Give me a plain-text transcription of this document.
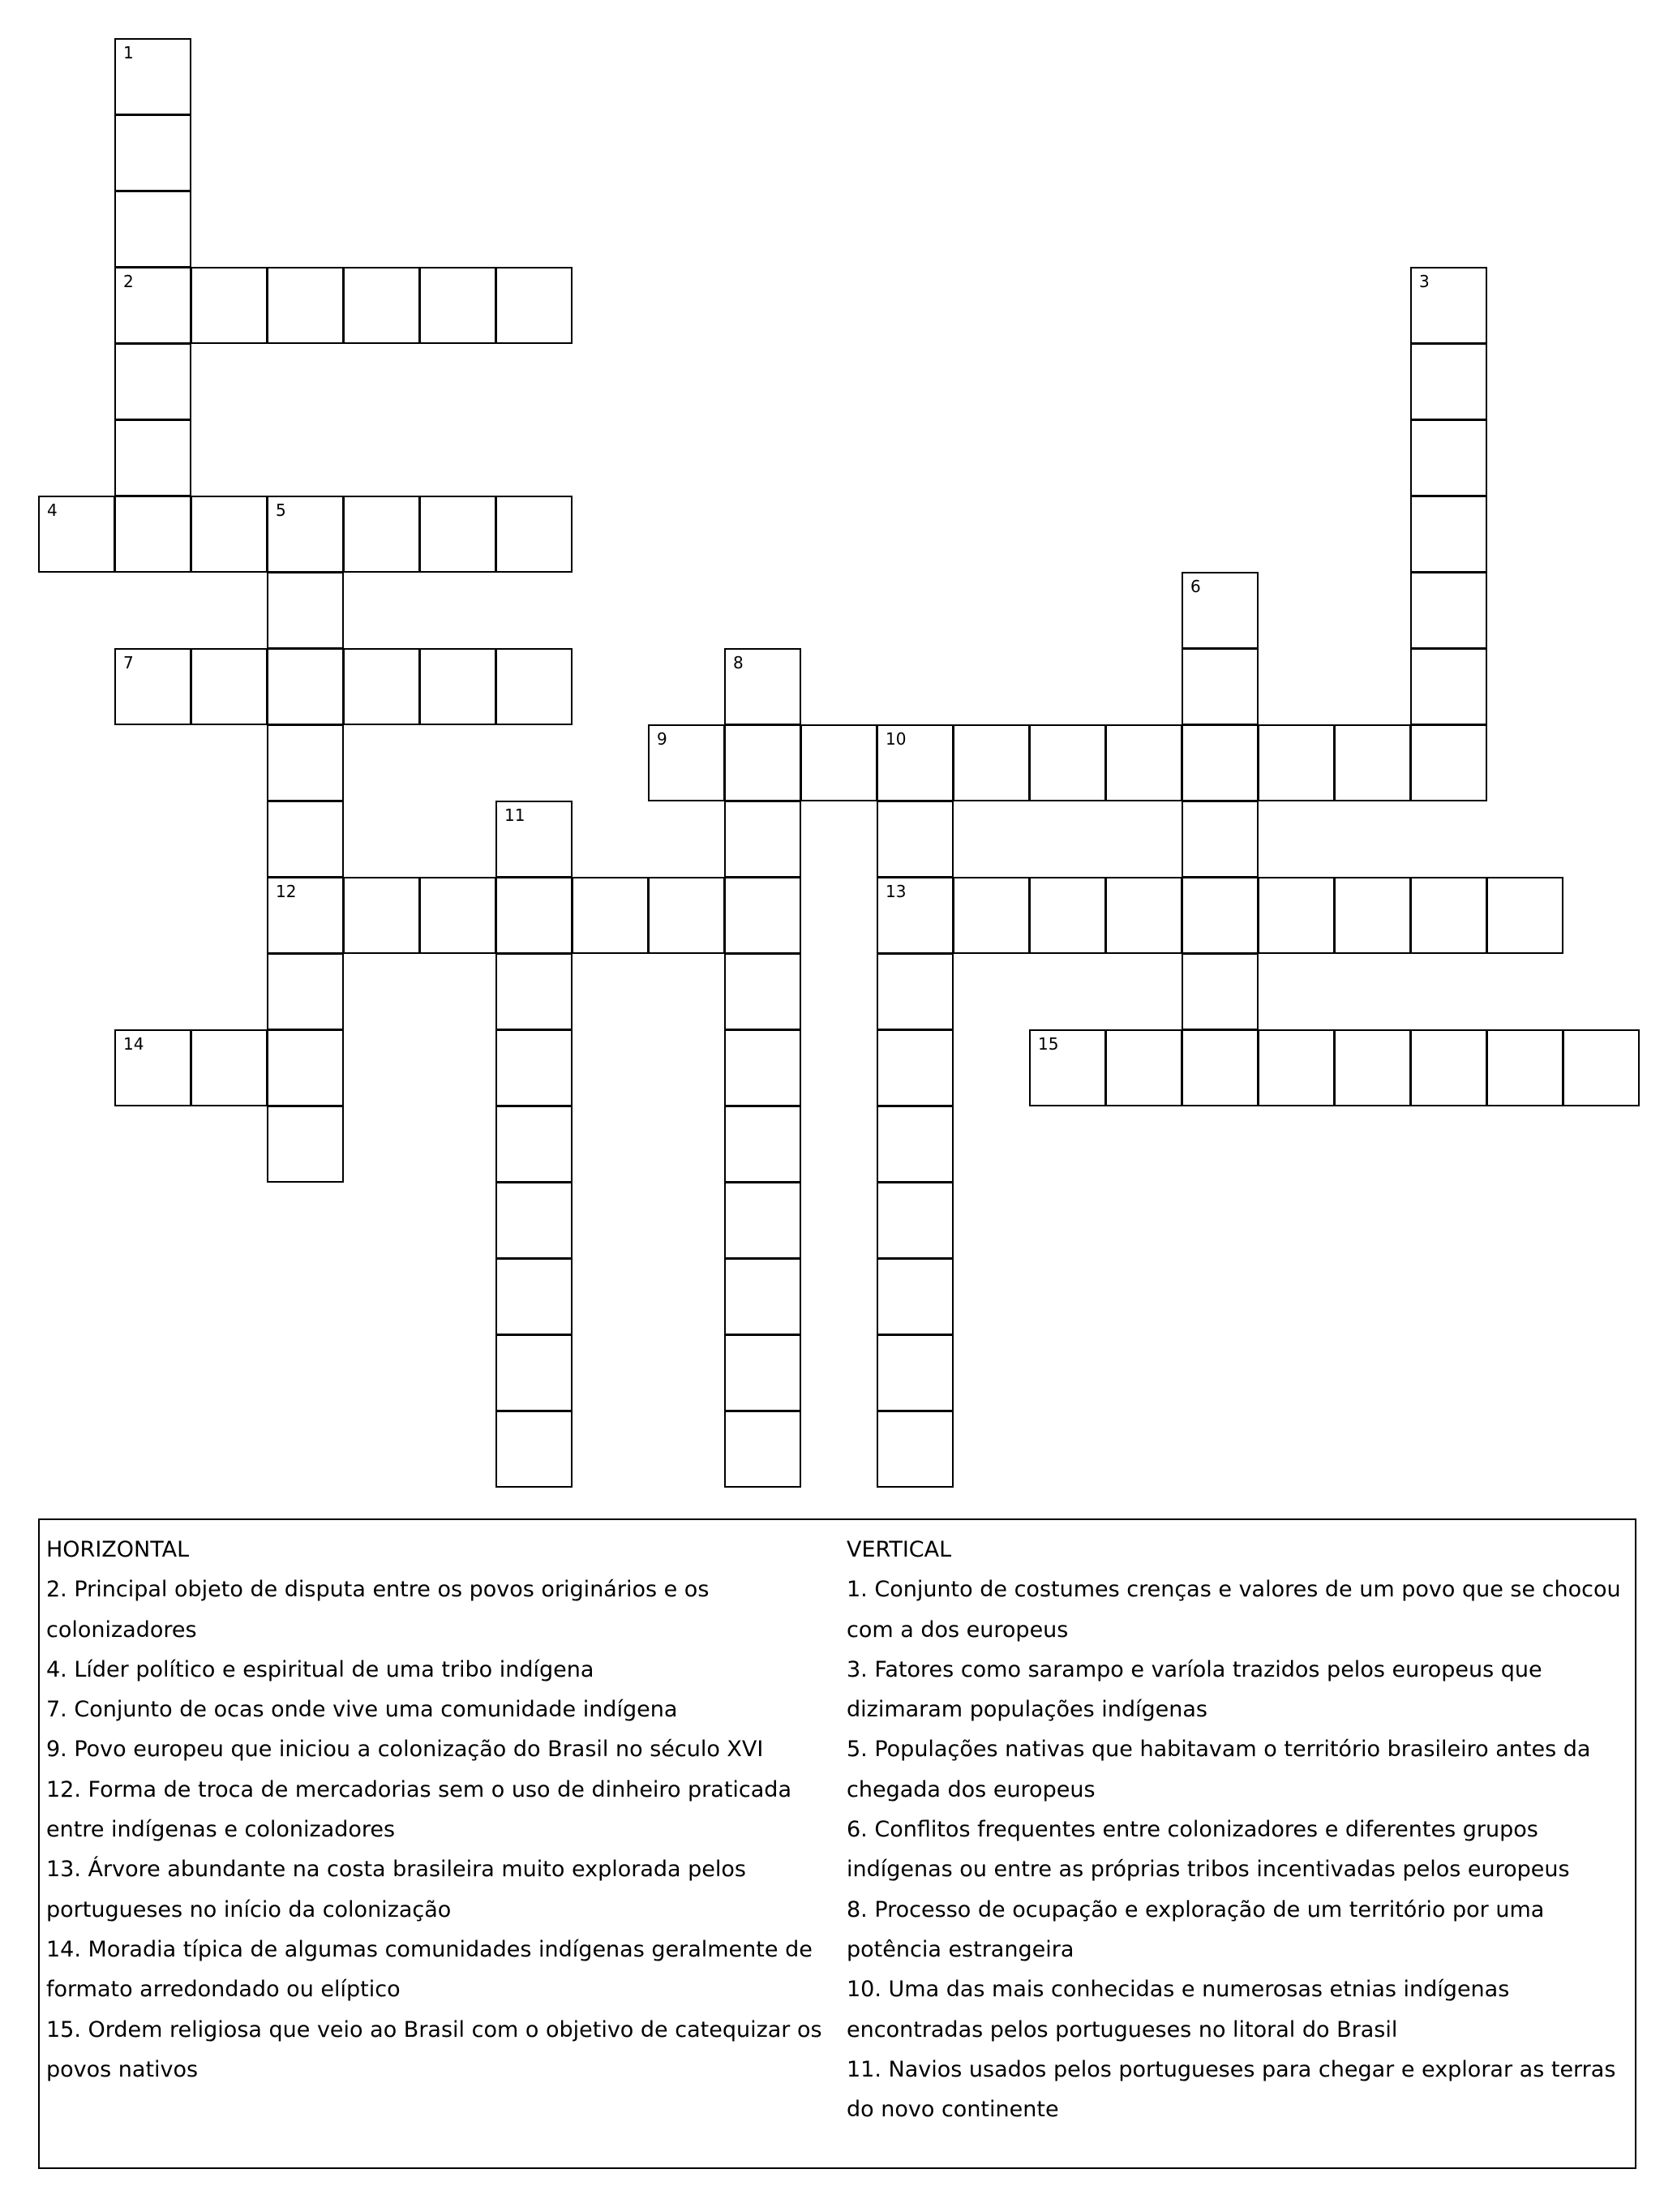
1
2	3
4	5
12
6
7	8
9	10
13
11
14	15

HORIZONTAL

2. Principal objeto de disputa entre os povos originários e os colonizadores

4. Líder político e espiritual de uma tribo indígena

7. Conjunto de ocas onde vive uma comunidade indígena

9. Povo europeu que iniciou a colonização do Brasil no século XVI

12. Forma de troca de mercadorias sem o uso de dinheiro praticada entre indígenas e colonizadores

13. Árvore abundante na costa brasileira muito explorada pelos portugueses no início da colonização

14. Moradia típica de algumas comunidades indígenas geralmente de formato arredondado ou elíptico

15. Ordem religiosa que veio ao Brasil com o objetivo de catequizar os povos nativos

VERTICAL

1. Conjunto de costumes crenças e valores de um povo que se chocou com a dos europeus

3. Fatores como sarampo e varíola trazidos pelos europeus que dizimaram populações indígenas

5. Populações nativas que habitavam o território brasileiro antes da chegada dos europeus

6. Conflitos frequentes entre colonizadores e diferentes grupos indígenas ou entre as próprias tribos incentivadas pelos europeus

8. Processo de ocupação e exploração de um território por uma potência estrangeira

10. Uma das mais conhecidas e numerosas etnias indígenas encontradas pelos portugueses no litoral do Brasil

11. Navios usados pelos portugueses para chegar e explorar as terras do novo continente
